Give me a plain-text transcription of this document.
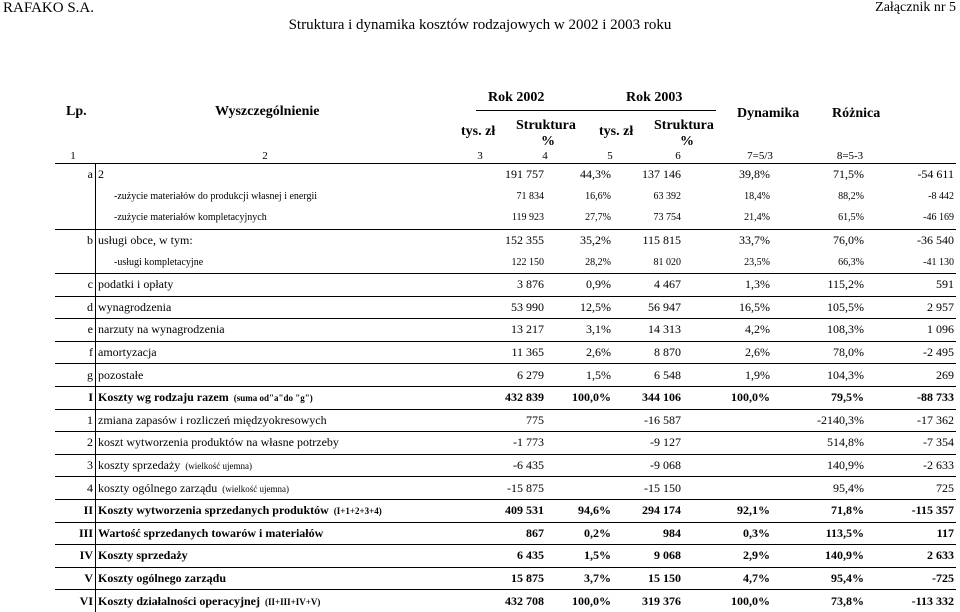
RAFAKO S.A.	Załącznik nr 5
Struktura i dynamika kosztów rodzajowych w 2002 i 2003 roku
Lp.	Wyszczególnienie
Rok 2002	Rok 2003
tys. zł Struktura
%
tys. zł Struktura
%
Dynamika Różnica
1	2	3	4	5	6	7=5/3	8=5-3
a	2	191 757	44,3%	137 146	39,8%	71,5%	-54 611
	-zużycie materiałów do produkcji własnej i energii	71 834	16,6%	63 392	18,4%	88,2%	-8 442
	-zużycie materiałów kompletacyjnych	119 923	27,7%	73 754	21,4%	61,5%	-46 169
b	usługi obce, w tym:	152 355	35,2%	115 815	33,7%	76,0%	-36 540
	-usługi kompletacyjne	122 150	28,2%	81 020	23,5%	66,3%	-41 130
c	podatki i opłaty	3 876	0,9%	4 467	1,3%	115,2%	591
d	wynagrodzenia	53 990	12,5%	56 947	16,5%	105,5%	2 957
e	narzuty na wynagrodzenia	13 217	3,1%	14 313	4,2%	108,3%	1 096
f	amortyzacja	11 365	2,6%	8 870	2,6%	78,0%	-2 495
g	pozostałe	6 279	1,5%	6 548	1,9%	104,3%	269
I	Koszty wg rodzaju razem (suma od"a"do "g")	432 839	100,0%	344 106	100,0%	79,5%	-88 733
1	zmiana zapasów i rozliczeń międzyokresowych	775		-16 587		-2140,3%	-17 362
2	koszt wytworzenia produktów na własne potrzeby	-1 773		-9 127		514,8%	-7 354
3	koszty sprzedaży (wielkość ujemna)	-6 435		-9 068		140,9%	-2 633
4	koszty ogólnego zarządu (wielkość ujemna)	-15 875		-15 150		95,4%	725
II	Koszty wytworzenia sprzedanych produktów (I+1+2+3+4)	409 531	94,6%	294 174	92,1%	71,8%	-115 357
III	Wartość sprzedanych towarów i materiałów	867	0,2%	984	0,3%	113,5%	117
IV	Koszty sprzedaży	6 435	1,5%	9 068	2,9%	140,9%	2 633
V	Koszty ogólnego zarządu	15 875	3,7%	15 150	4,7%	95,4%	-725
VI	Koszty działalności operacyjnej (II+III+IV+V)	432 708	100,0%	319 376	100,0%	73,8%	-113 332
